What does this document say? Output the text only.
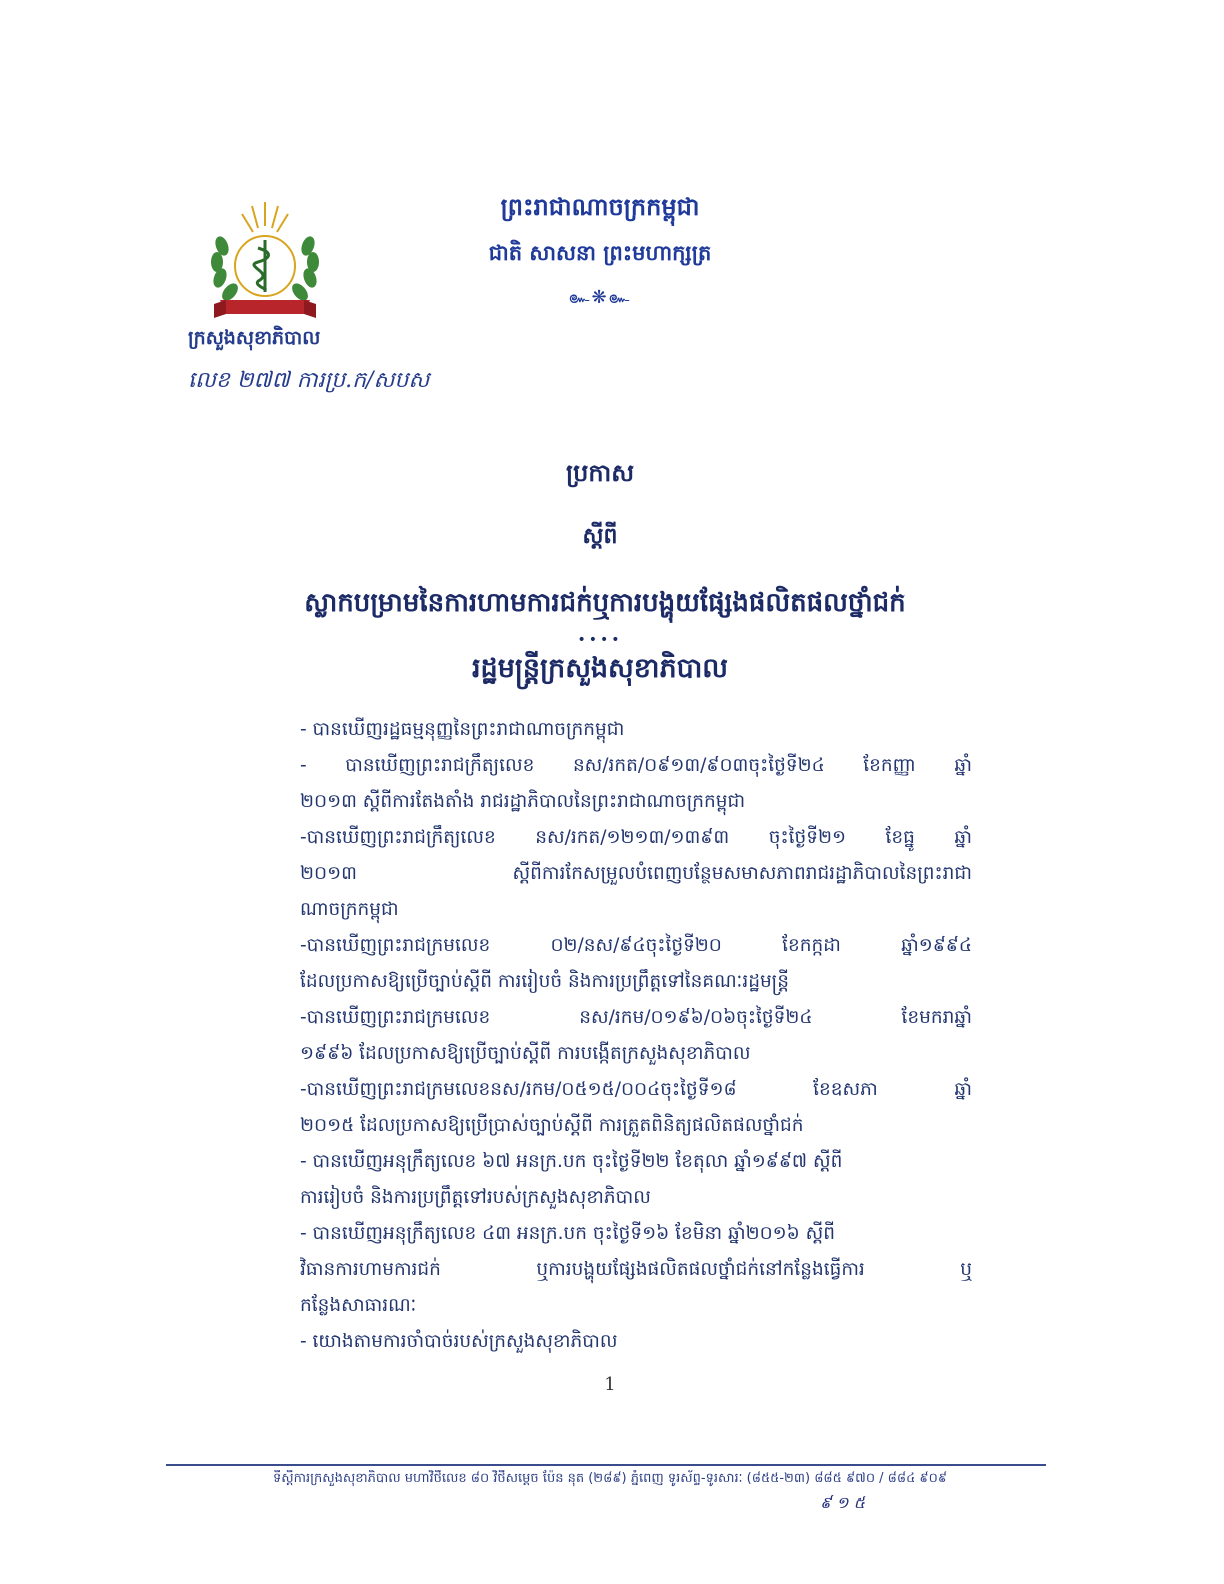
ក្រសួងសុខាភិបាល
លេខ ២៧៧ ការប្រ.ក/សបស
ព្រះរាជាណាចក្រកម្ពុជា
ជាតិ សាសនា ព្រះមហាក្សត្រ
๛❋๛
ប្រកាស
ស្តីពី
ស្លាកបម្រាមនៃការហាមការជក់ឬការបង្ហុយផ្សែងផលិតផលថ្នាំជក់
••••
រដ្ឋមន្ត្រីក្រសួងសុខាភិបាល
- បានឃើញរដ្ឋធម្មនុញ្ញនៃព្រះរាជាណាចក្រកម្ពុជា
- បានឃើញព្រះរាជក្រឹត្យលេខ នស/រកត/០៩១៣/៩០៣ចុះថ្ងៃទី២៤ ខែកញ្ញា ឆ្នាំ
២០១៣ ស្តីពីការតែងតាំង រាជរដ្ឋាភិបាលនៃព្រះរាជាណាចក្រកម្ពុជា
-បានឃើញព្រះរាជក្រឹត្យលេខ នស/រកត/១២១៣/១៣៩៣ ចុះថ្ងៃទី២១ ខែធ្នូ ឆ្នាំ
២០១៣ ស្តីពីការកែសម្រួលបំពេញបន្ថែមសមាសភាពរាជរដ្ឋាភិបាលនៃព្រះរាជា
ណាចក្រកម្ពុជា
-បានឃើញព្រះរាជក្រមលេខ ០២/នស/៩៤ចុះថ្ងៃទី២០ ខែកក្កដា ឆ្នាំ១៩៩៤
ដែលប្រកាសឱ្យប្រើច្បាប់ស្តីពី ការរៀបចំ និងការប្រព្រឹត្តទៅនៃគណៈរដ្ឋមន្ត្រី
-បានឃើញព្រះរាជក្រមលេខ នស/រកម/០១៩៦/០៦ចុះថ្ងៃទី២៤ ខែមករាឆ្នាំ
១៩៩៦ ដែលប្រកាសឱ្យប្រើច្បាប់ស្តីពី ការបង្កើតក្រសួងសុខាភិបាល
-បានឃើញព្រះរាជក្រមលេខនស/រកម/០៥១៥/០០៤ចុះថ្ងៃទី១៨ ខែឧសភា ឆ្នាំ
២០១៥ ដែលប្រកាសឱ្យប្រើប្រាស់ច្បាប់ស្តីពី ការត្រួតពិនិត្យផលិតផលថ្នាំជក់
- បានឃើញអនុក្រឹត្យលេខ ៦៧ អនក្រ.បក ចុះថ្ងៃទី២២ ខែតុលា ឆ្នាំ១៩៩៧ ស្តីពី
ការរៀបចំ និងការប្រព្រឹត្តទៅរបស់ក្រសួងសុខាភិបាល
- បានឃើញអនុក្រឹត្យលេខ ៤៣ អនក្រ.បក ចុះថ្ងៃទី១៦ ខែមិនា ឆ្នាំ២០១៦ ស្តីពី
វិធានការហាមការជក់ ឬការបង្ហុយផ្សែងផលិតផលថ្នាំជក់នៅកន្លែងធ្វើការ ឬ
កន្លែងសាធារណៈ
- យោងតាមការចាំបាច់របស់ក្រសួងសុខាភិបាល
1
ទីស្តីការក្រសួងសុខាភិបាល មហាវិថីលេខ ៨០ វិថីសម្តេច ប៉ែន នុត (២៨៩) ភ្នំពេញ ទូរស័ព្ទ-ទូរសារៈ (៨៥៥-២៣) ៨៨៥ ៩៧០ / ៨៨៤ ៩០៩
៩ ១ ៥
